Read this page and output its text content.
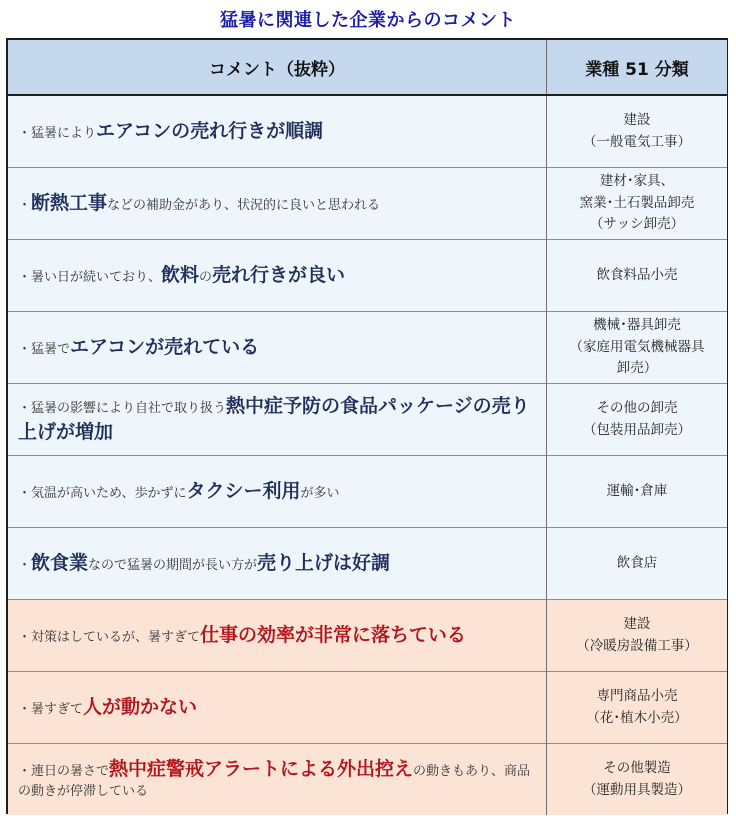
猛暑に関連した企業からのコメント
コメント（抜粋）	業種 51 分類
・猛暑によりエアコンの売れ行きが順調	建設
（一般電気工事）

・断熱工事などの補助金があり、状況的に良いと思われる	建材･家具、
窯業･土石製品卸売
（サッシ卸売）

・暑い日が続いており、飲料の売れ行きが良い	飲食料品小売

・猛暑でエアコンが売れている	機械･器具卸売
（家庭用電気機械器具
卸売）

・猛暑の影響により自社で取り扱う熱中症予防の食品パッケージの売り上げが増加	その他の卸売
（包装用品卸売）

・気温が高いため、歩かずにタクシー利用が多い	運輸･倉庫

・飲食業なので猛暑の期間が長い方が売り上げは好調	飲食店

・対策はしているが、暑すぎて仕事の効率が非常に落ちている	建設
（冷暖房設備工事）

・暑すぎて人が動かない	専門商品小売
（花･植木小売）

・連日の暑さで熱中症警戒アラートによる外出控えの動きもあり、商品の動きが停滞している	その他製造
（運動用具製造）
